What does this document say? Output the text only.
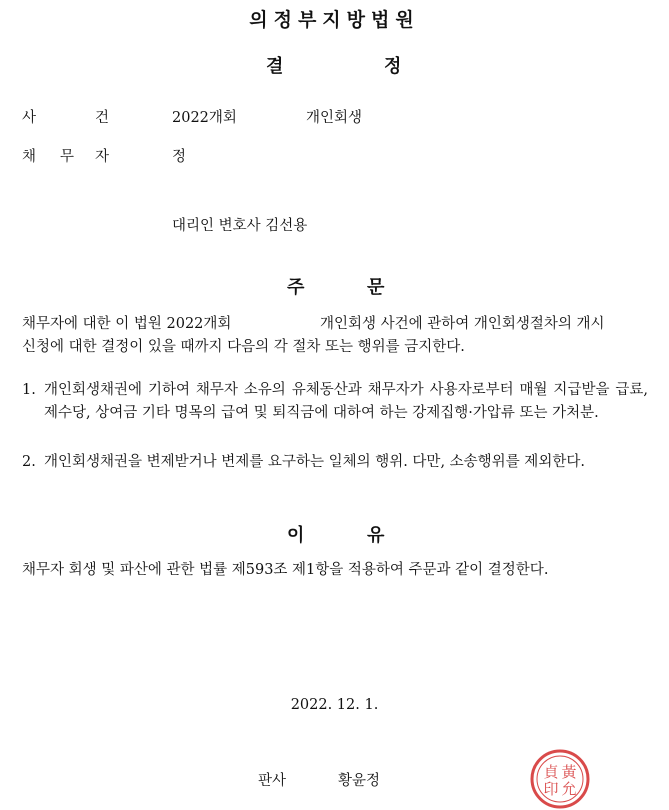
의정부지방법원
결	정
사	건	2022개회	개인회생
채 무 자	정
대리인 변호사 김선용
주	문
채무자에 대한 이 법원 2022개회	개인회생 사건에 관하여 개인회생절차의 개시
신청에 대한 결정이 있을 때까지 다음의 각 절차 또는 행위를 금지한다.
1. 개인회생채권에 기하여 채무자 소유의 유체동산과 채무자가 사용자로부터 매월 지급받을 급료, 제수당, 상여금 기타 명목의 급여 및 퇴직금에 대하여 하는 강제집행·가압류 또는 가처분.
2. 개인회생채권을 변제받거나 변제를 요구하는 일체의 행위. 다만, 소송행위를 제외한다.
이	유
채무자 회생 및 파산에 관한 법률 제593조 제1항을 적용하여 주문과 같이 결정한다.
2022. 12. 1.
판사	황윤정	黃
允
貞
印
